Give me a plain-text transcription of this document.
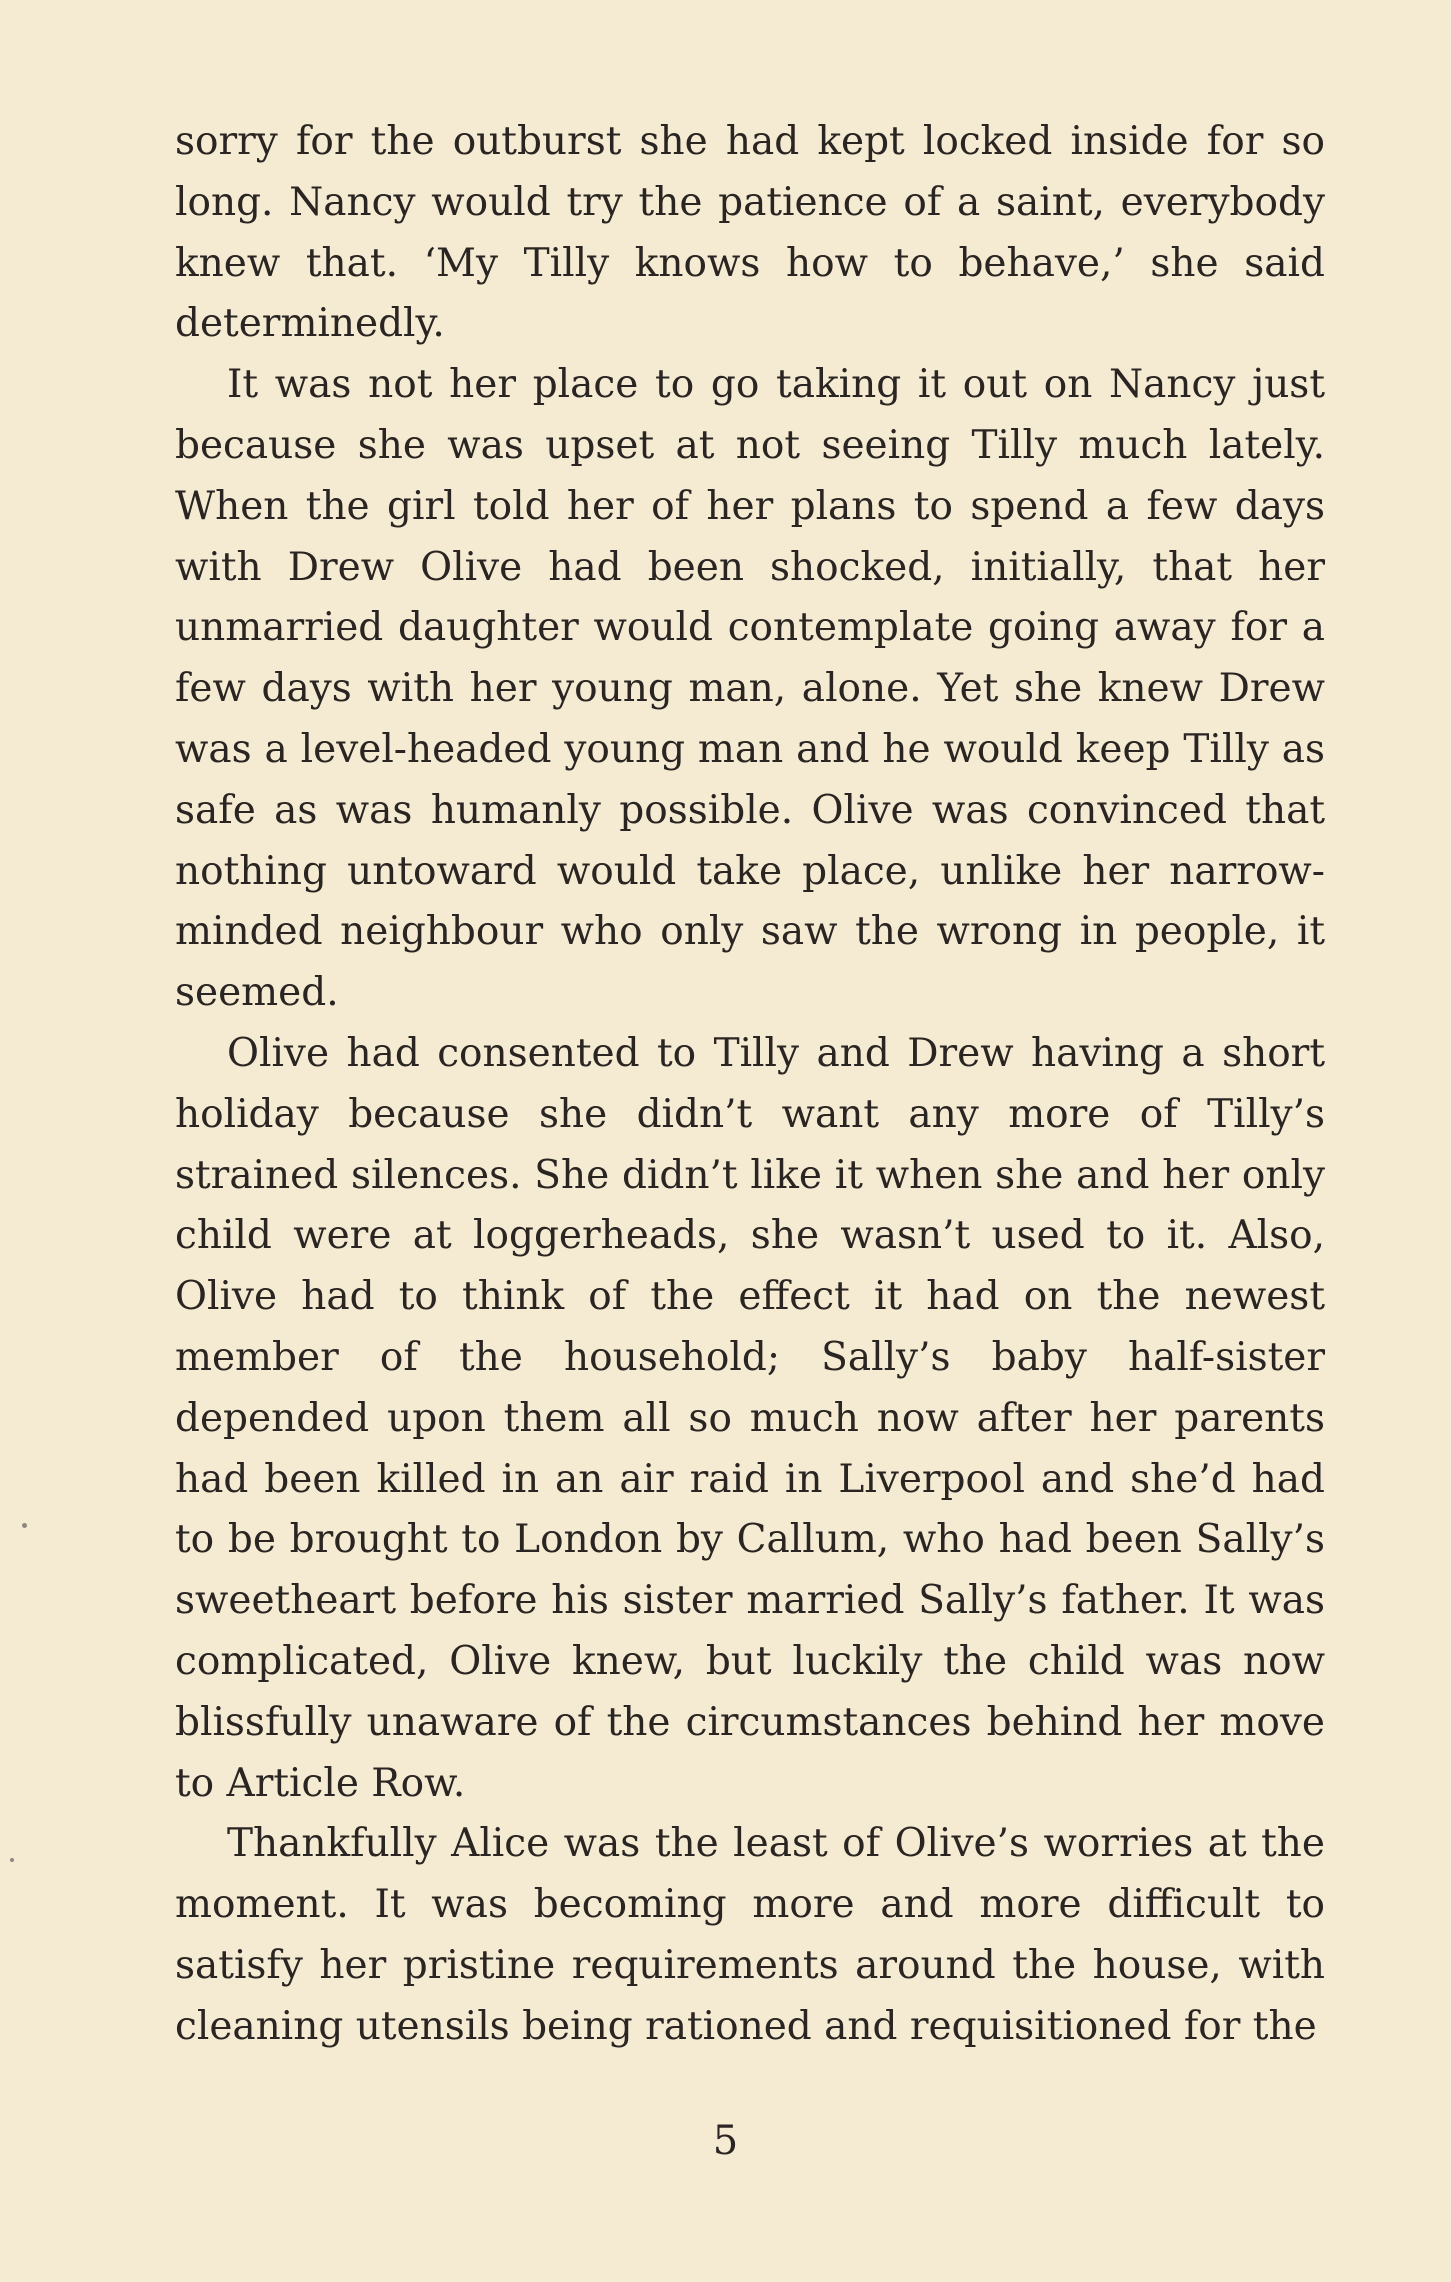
sorry for the outburst she had kept locked inside for so long. Nancy would try the patience of a saint, everybody knew that. ‘My Tilly knows how to behave,’ she said determinedly.

It was not her place to go taking it out on Nancy just because she was upset at not seeing Tilly much lately. When the girl told her of her plans to spend a few days with Drew Olive had been shocked, initially, that her unmarried daughter would contemplate going away for a few days with her young man, alone. Yet she knew Drew was a level-headed young man and he would keep Tilly as safe as was humanly possible. Olive was convinced that nothing untoward would take place, unlike her narrow-minded neighbour who only saw the wrong in people, it seemed.

Olive had consented to Tilly and Drew having a short holiday because she didn’t want any more of Tilly’s strained silences. She didn’t like it when she and her only child were at loggerheads, she wasn’t used to it. Also, Olive had to think of the effect it had on the newest member of the household; Sally’s baby half-sister depended upon them all so much now after her parents had been killed in an air raid in Liverpool and she’d had to be brought to London by Callum, who had been Sally’s sweetheart before his sister married Sally’s father. It was complicated, Olive knew, but luckily the child was now blissfully unaware of the circumstances behind her move to Article Row.

Thankfully Alice was the least of Olive’s worries at the moment. It was becoming more and more difficult to satisfy her pristine requirements around the house, with cleaning utensils being rationed and requisitioned for the

5
